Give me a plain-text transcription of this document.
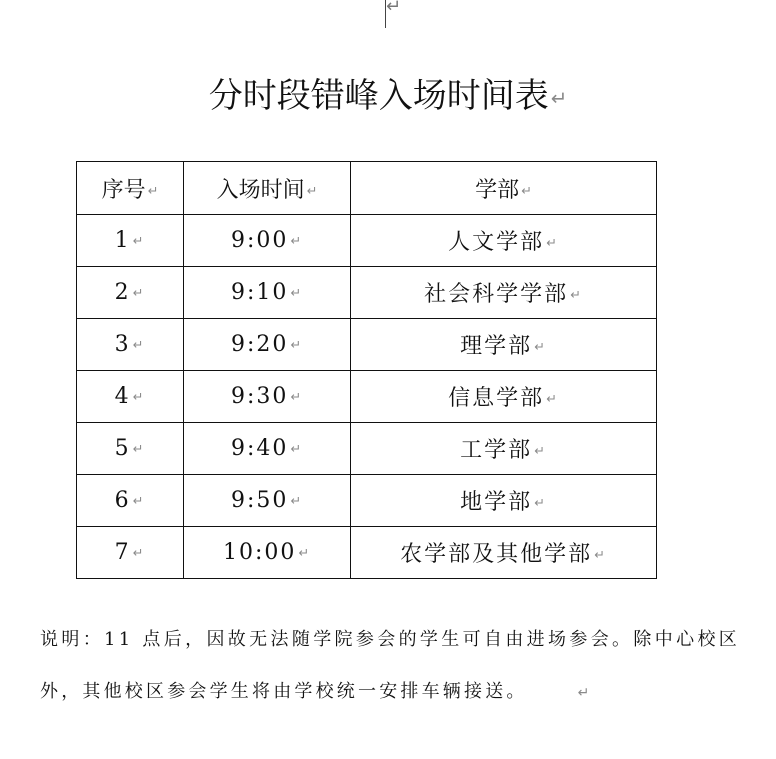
↵
分时段错峰入场时间表 ↵
序号 ↵	入场时间 ↵	学部 ↵
1 ↵	9:00 ↵	人文学部 ↵
2 ↵	9:10 ↵	社会科学学部 ↵
3 ↵	9:20 ↵	理学部 ↵
4 ↵	9:30 ↵	信息学部 ↵
5 ↵	9:40 ↵	工学部 ↵
6 ↵	9:50 ↵	地学部 ↵
7 ↵	10:00 ↵	农学部及其他学部 ↵

说明：11 点后，因故无法随学院参会的学生可自由进场参会。除中心校区外，其他校区参会学生将由学校统一安排车辆接送。	↵
